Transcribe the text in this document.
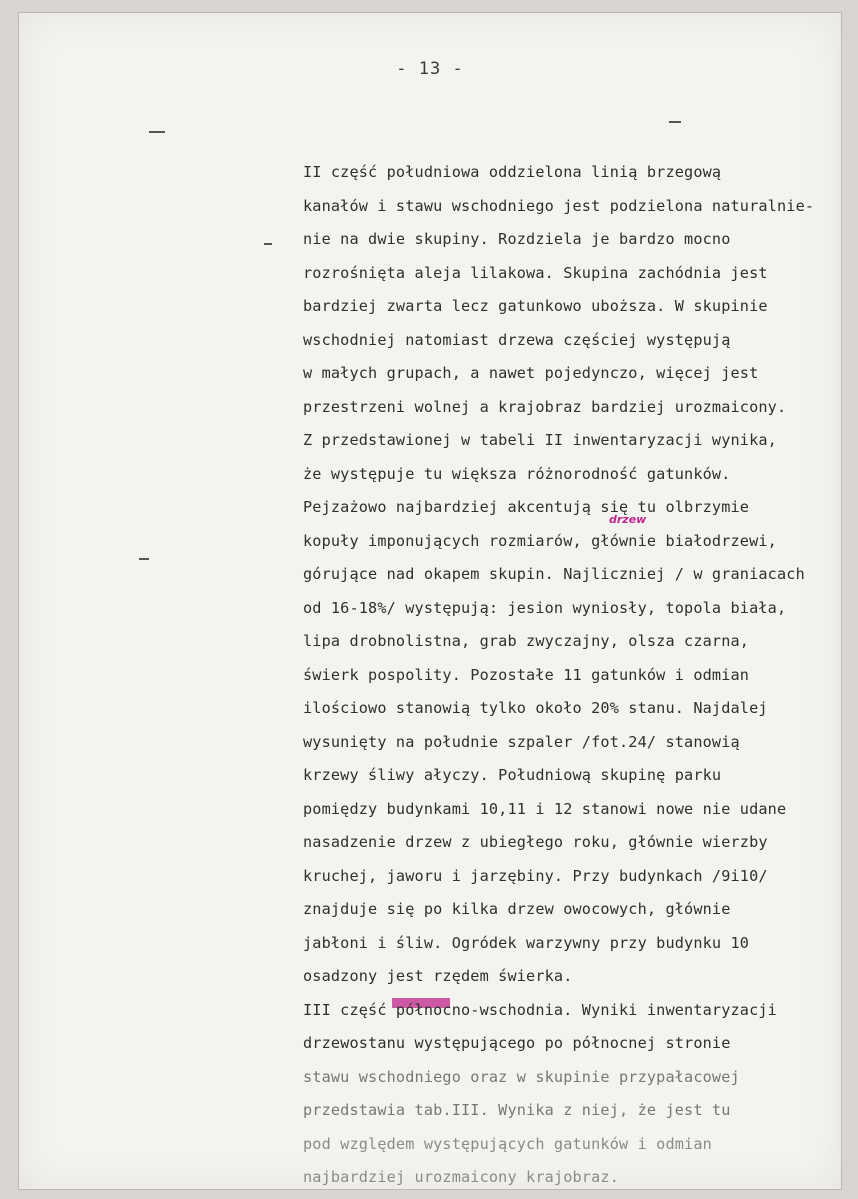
- 13 -
drzew
II część południowa oddzielona linią brzegową
kanałów i stawu wschodniego jest podzielona naturalnie-
nie na dwie skupiny. Rozdziela je bardzo mocno
rozrośnięta aleja lilakowa. Skupina zachódnia jest
bardziej zwarta lecz gatunkowo uboższa. W skupinie
wschodniej natomiast drzewa częściej występują
w małych grupach, a nawet pojedynczo, więcej jest
przestrzeni wolnej a krajobraz bardziej urozmaicony.
Z przedstawionej w tabeli II inwentaryzacji wynika,
że występuje tu większa różnorodność gatunków.
Pejzażowo najbardziej akcentują się tu olbrzymie
kopuły imponujących rozmiarów, głównie białodrzewi,
górujące nad okapem skupin. Najliczniej / w graniacach
od 16-18%/ występują: jesion wyniosły, topola biała,
lipa drobnolistna, grab zwyczajny, olsza czarna,
świerk pospolity. Pozostałe 11 gatunków i odmian
ilościowo stanowią tylko około 20% stanu. Najdalej
wysunięty na południe szpaler /fot.24/ stanowią
krzewy śliwy ałyczy. Południową skupinę parku
pomiędzy budynkami 10,11 i 12 stanowi nowe nie udane
nasadzenie drzew z ubiegłego roku, głównie wierzby
kruchej, jaworu i jarzębiny. Przy budynkach /9i10/
znajduje się po kilka drzew owocowych, głównie
jabłoni i śliw. Ogródek warzywny przy budynku 10
osadzony jest rzędem świerka.
III część północno-wschodnia. Wyniki inwentaryzacji
drzewostanu występującego po północnej stronie
stawu wschodniego oraz w skupinie przypałacowej
przedstawia tab.III. Wynika z niej, że jest tu
pod względem występujących gatunków i odmian
najbardziej urozmaicony krajobraz.
